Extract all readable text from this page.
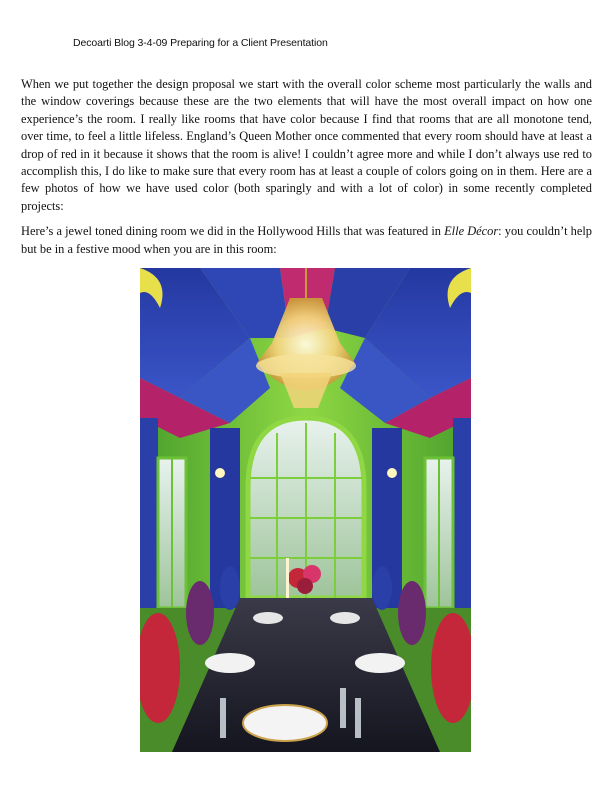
Decoarti Blog 3-4-09 Preparing for a Client Presentation

When we put together the design proposal we start with the overall color scheme most particularly the walls and the window coverings because these are the two elements that will have the most overall impact on how one experience’s the room. I really like rooms that have color because I find that rooms that are all monotone tend, over time, to feel a little lifeless. England’s Queen Mother once commented that every room should have at least a drop of red in it because it shows that the room is alive! I couldn’t agree more and while I don’t always use red to accomplish this, I do like to make sure that every room has at least a couple of colors going on in them. Here are a few photos of how we have used color (both sparingly and with a lot of color) in some recently completed projects:

Here’s a jewel toned dining room we did in the Hollywood Hills that was featured in Elle Décor: you couldn’t help but be in a festive mood when you are in this room:
